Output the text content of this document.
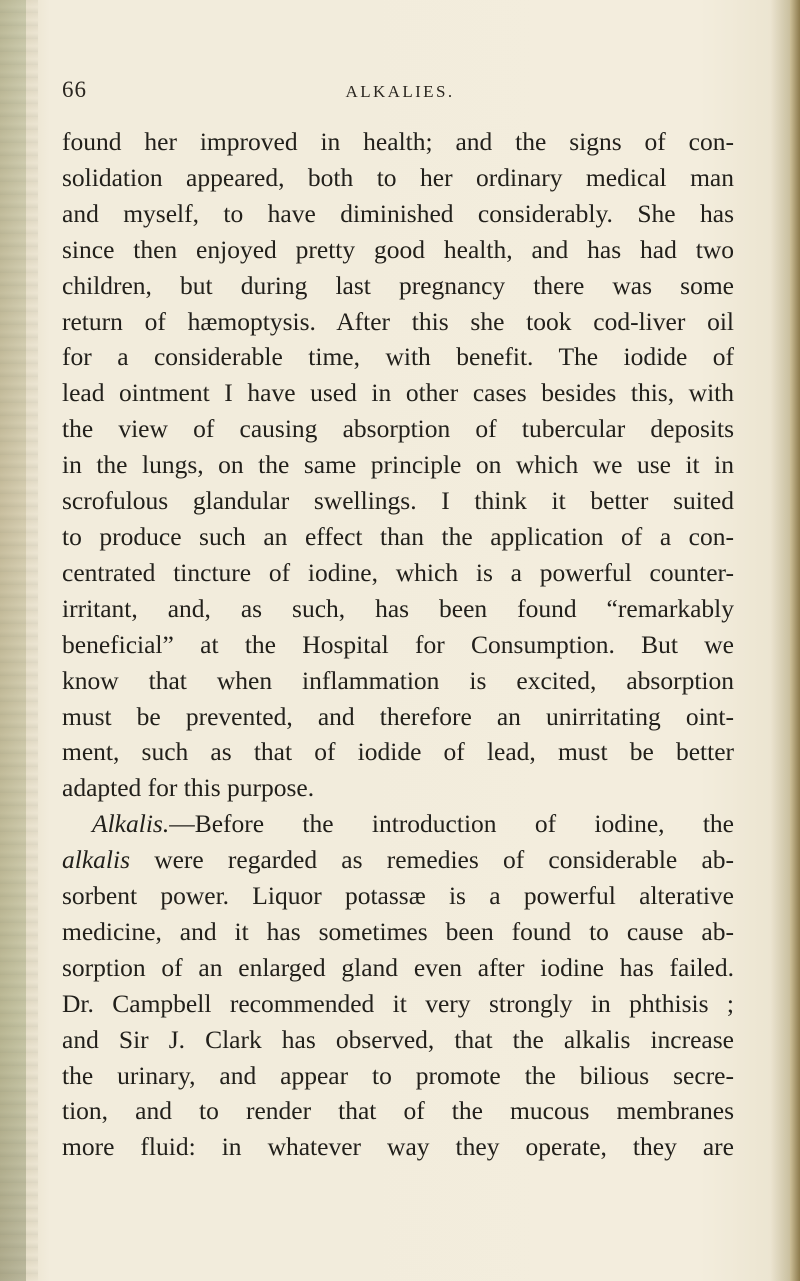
66	ALKALIES.
found her improved in health; and the signs of con-
solidation appeared, both to her ordinary medical man
and myself, to have diminished considerably. She has
since then enjoyed pretty good health, and has had two
children, but during last pregnancy there was some
return of hæmoptysis. After this she took cod-liver oil
for a considerable time, with benefit. The iodide of
lead ointment I have used in other cases besides this, with
the view of causing absorption of tubercular deposits
in the lungs, on the same principle on which we use it in
scrofulous glandular swellings. I think it better suited
to produce such an effect than the application of a con-
centrated tincture of iodine, which is a powerful counter-
irritant, and, as such, has been found “remarkably
beneficial” at the Hospital for Consumption. But we
know that when inflammation is excited, absorption
must be prevented, and therefore an unirritating oint-
ment, such as that of iodide of lead, must be better
adapted for this purpose.
Alkalis.—Before the introduction of iodine, the
alkalis were regarded as remedies of considerable ab-
sorbent power. Liquor potassæ is a powerful alterative
medicine, and it has sometimes been found to cause ab-
sorption of an enlarged gland even after iodine has failed.
Dr. Campbell recommended it very strongly in phthisis ;
and Sir J. Clark has observed, that the alkalis increase
the urinary, and appear to promote the bilious secre-
tion, and to render that of the mucous membranes
more fluid: in whatever way they operate, they are
